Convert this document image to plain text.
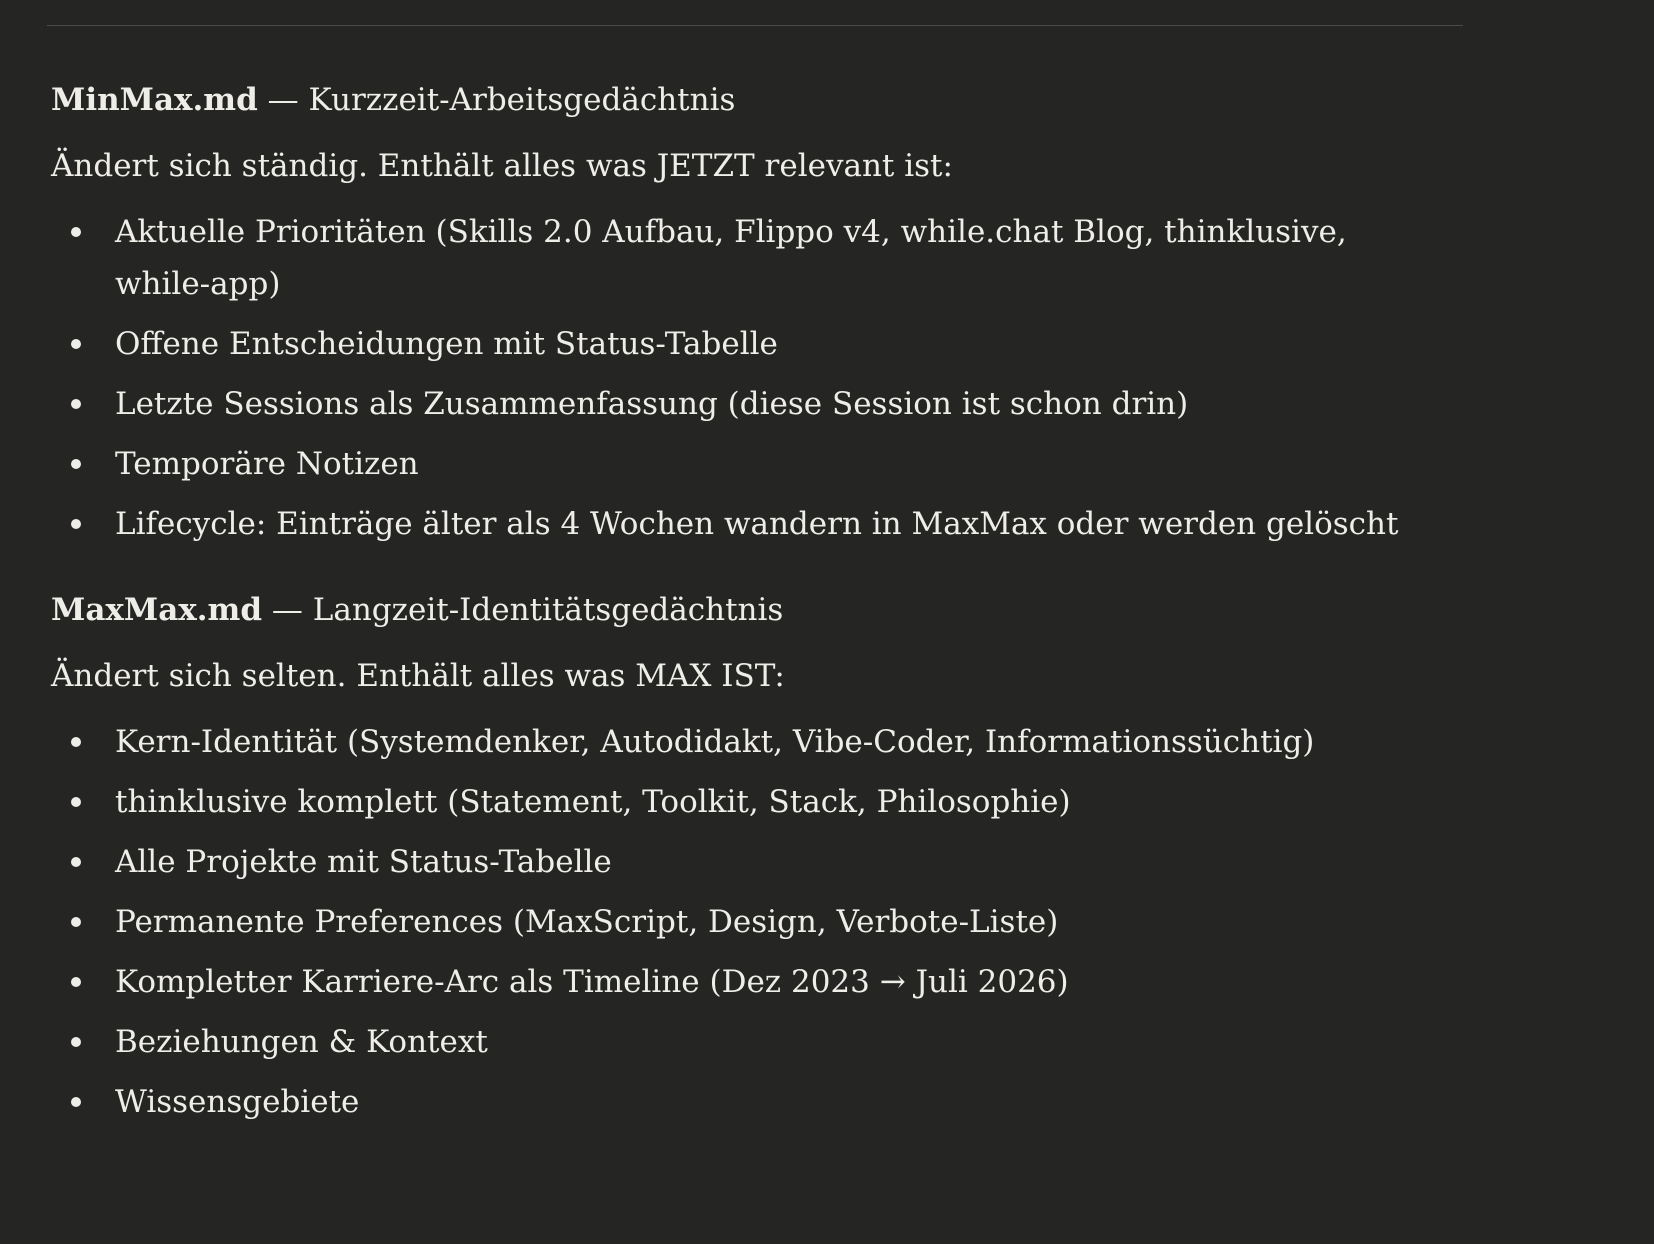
MinMax.md — Kurzzeit-Arbeitsgedächtnis

Ändert sich ständig. Enthält alles was JETZT relevant ist:

Aktuelle Prioritäten (Skills 2.0 Aufbau, Flippo v4, while.chat Blog, thinklusive, while-app)
Offene Entscheidungen mit Status-Tabelle
Letzte Sessions als Zusammenfassung (diese Session ist schon drin)
Temporäre Notizen
Lifecycle: Einträge älter als 4 Wochen wandern in MaxMax oder werden gelöscht

MaxMax.md — Langzeit-Identitätsgedächtnis

Ändert sich selten. Enthält alles was MAX IST:

Kern-Identität (Systemdenker, Autodidakt, Vibe-Coder, Informationssüchtig)
thinklusive komplett (Statement, Toolkit, Stack, Philosophie)
Alle Projekte mit Status-Tabelle
Permanente Preferences (MaxScript, Design, Verbote-Liste)
Kompletter Karriere-Arc als Timeline (Dez 2023 → Juli 2026)
Beziehungen & Kontext
Wissensgebiete
